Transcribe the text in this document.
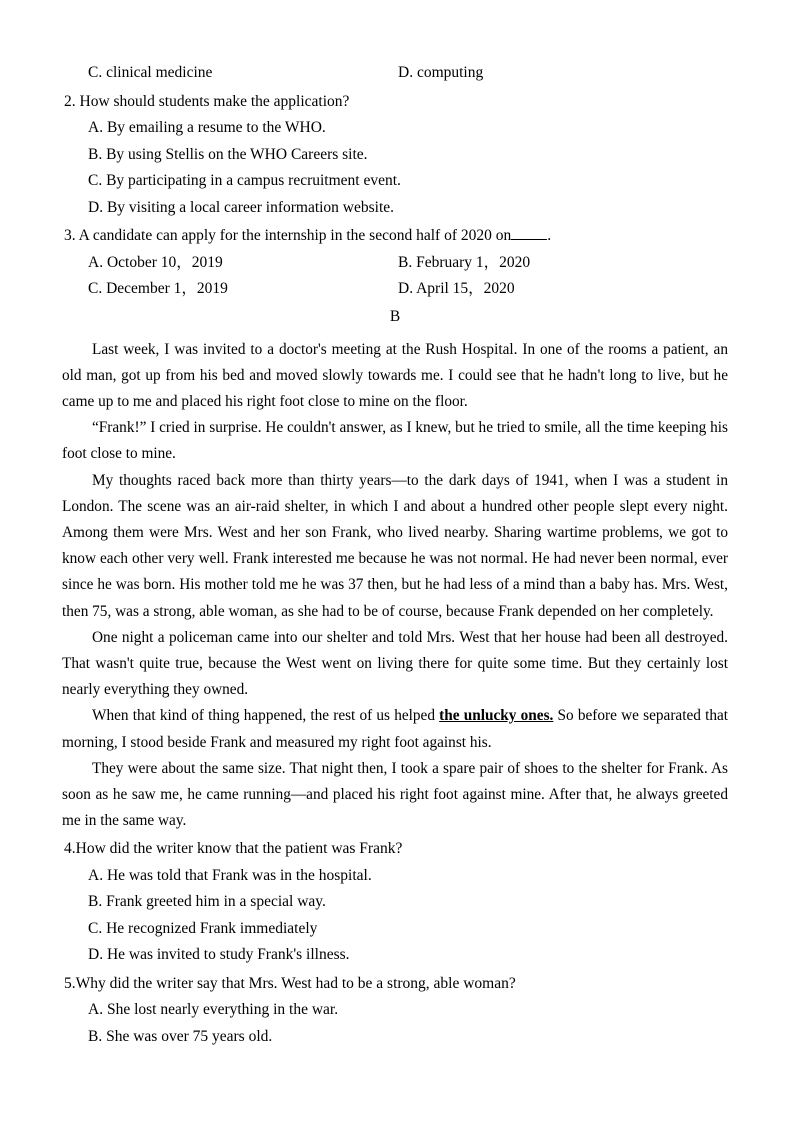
C. clinical medicine	D. computing
2. How should students make the application?
A. By emailing a resume to the WHO.
B. By using Stellis on the WHO Careers site.
C. By participating in a campus recruitment event.
D. By visiting a local career information website.
3. A candidate can apply for the internship in the second half of 2020 on .
A. October 10，2019	B. February 1，2020
C. December 1，2019	D. April 15，2020
B

Last week, I was invited to a doctor's meeting at the Rush Hospital. In one of the rooms a patient, an old man, got up from his bed and moved slowly towards me. I could see that he hadn't long to live, but he came up to me and placed his right foot close to mine on the floor.

“Frank!” I cried in surprise. He couldn't answer, as I knew, but he tried to smile, all the time keeping his foot close to mine.

My thoughts raced back more than thirty years—to the dark days of 1941, when I was a student in London. The scene was an air-raid shelter, in which I and about a hundred other people slept every night. Among them were Mrs. West and her son Frank, who lived nearby. Sharing wartime problems, we got to know each other very well. Frank interested me because he was not normal. He had never been normal, ever since he was born. His mother told me he was 37 then, but he had less of a mind than a baby has. Mrs. West, then 75, was a strong, able woman, as she had to be of course, because Frank depended on her completely.

One night a policeman came into our shelter and told Mrs. West that her house had been all destroyed. That wasn't quite true, because the West went on living there for quite some time. But they certainly lost nearly everything they owned.

When that kind of thing happened, the rest of us helped the unlucky ones. So before we separated that morning, I stood beside Frank and measured my right foot against his.

They were about the same size. That night then, I took a spare pair of shoes to the shelter for Frank. As soon as he saw me, he came running—and placed his right foot against mine. After that, he always greeted me in the same way.

4.How did the writer know that the patient was Frank?
A. He was told that Frank was in the hospital.
B. Frank greeted him in a special way.
C. He recognized Frank immediately
D. He was invited to study Frank's illness.
5.Why did the writer say that Mrs. West had to be a strong, able woman?
A. She lost nearly everything in the war.
B. She was over 75 years old.
